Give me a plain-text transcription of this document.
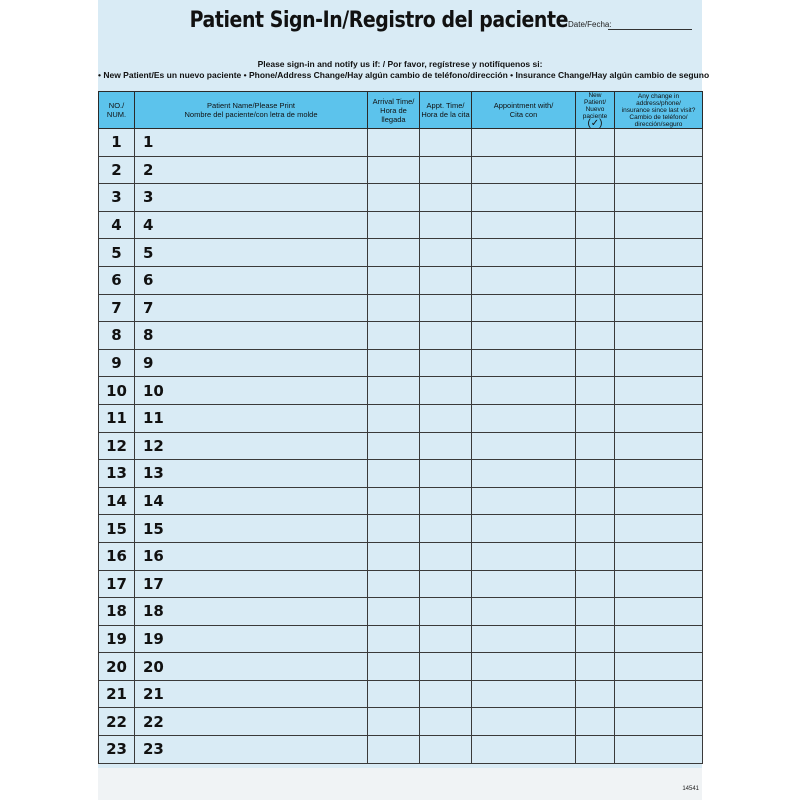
Patient Sign-In/Registro del paciente Date/Fecha:
Please sign-in and notify us if: / Por favor, regístrese y notifíquenos si:
• New Patient/Es un nuevo paciente • Phone/Address Change/Hay algún cambio de teléfono/dirección • Insurance Change/Hay algún cambio de seguno
NO./
NUM.	Patient Name/Please Print
Nombre del paciente/con letra de molde	Arrival Time/
Hora de llegada	Appt. Time/
Hora de la cita	Appointment with/
Cita con	New Patient/
Nuevo paciente
(✓)	Any change in address/phone/
insurance since last visit?
Cambio de teléfono/
dirección/seguro
1	1					
2	2					
3	3					
4	4					
5	5					
6	6					
7	7					
8	8					
9	9					
10	10					
11	11					
12	12					
13	13					
14	14					
15	15					
16	16					
17	17					
18	18					
19	19					
20	20					
21	21					
22	22					
23	23					
14541
